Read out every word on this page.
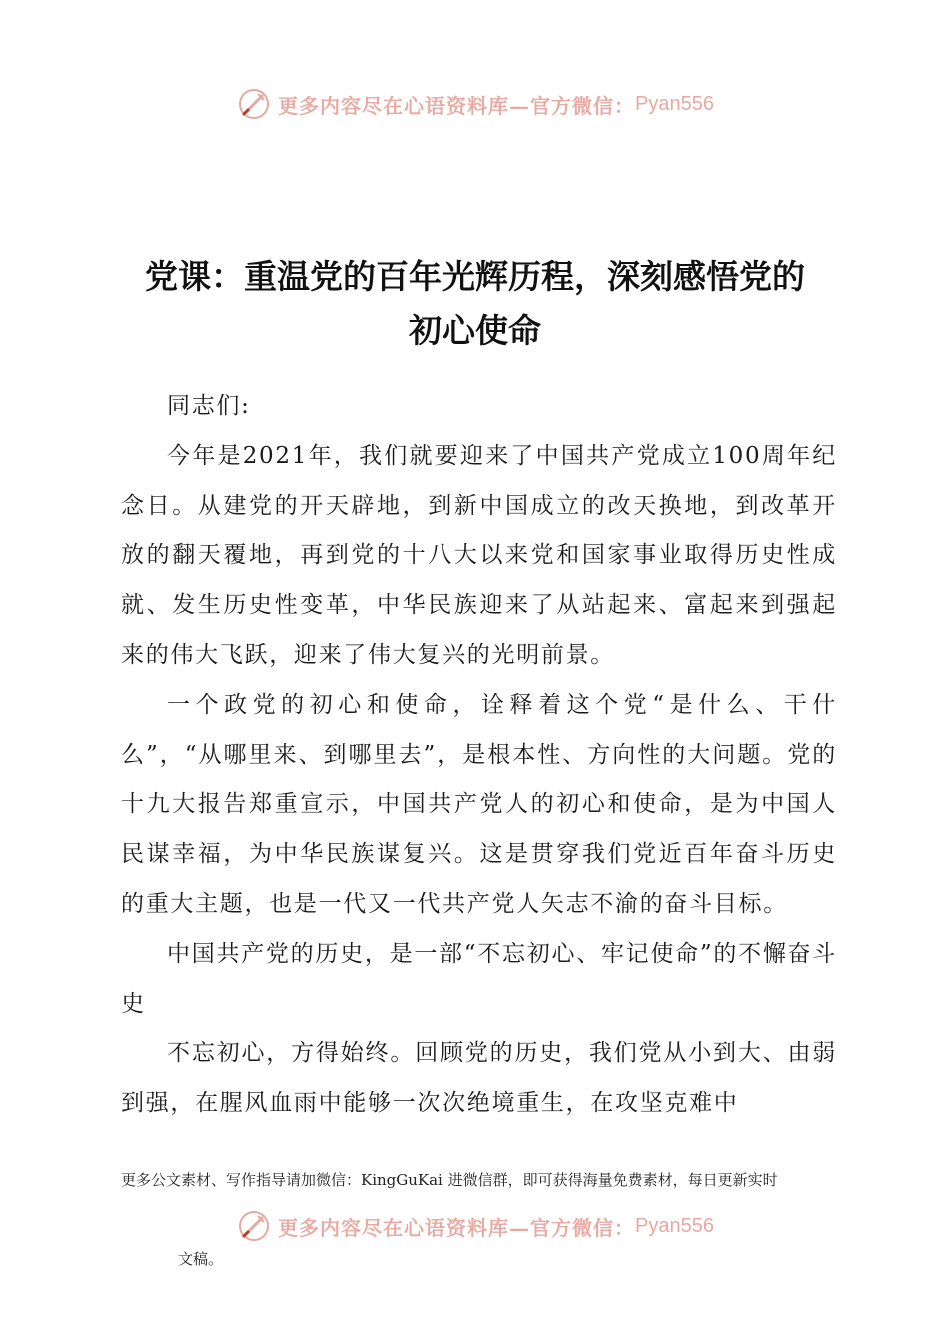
更多内容尽在心语资料库—官方微信： Pyan556
党课：重温党的百年光辉历程，深刻感悟党的
初心使命

同志们:

今年是2021年，我们就要迎来了中国共产党成立100周年纪念日。从建党的开天辟地，到新中国成立的改天换地，到改革开放的翻天覆地，再到党的十八大以来党和国家事业取得历史性成就、发生历史性变革，中华民族迎来了从站起来、富起来到强起来的伟大飞跃，迎来了伟大复兴的光明前景。

一个政党的初心和使命，诠释着这个党“是什么、干什么”，“从哪里来、到哪里去”，是根本性、方向性的大问题。党的十九大报告郑重宣示，中国共产党人的初心和使命，是为中国人民谋幸福，为中华民族谋复兴。这是贯穿我们党近百年奋斗历史的重大主题，也是一代又一代共产党人矢志不渝的奋斗目标。

中国共产党的历史，是一部“不忘初心、牢记使命”的不懈奋斗史

不忘初心，方得始终。回顾党的历史，我们党从小到大、由弱到强，在腥风血雨中能够一次次绝境重生，在攻坚克难中

更多公文素材、写作指导请加微信：KingGuKai 进微信群，即可获得海量免费素材，每日更新实时
更多内容尽在心语资料库—官方微信： Pyan556
文稿。
